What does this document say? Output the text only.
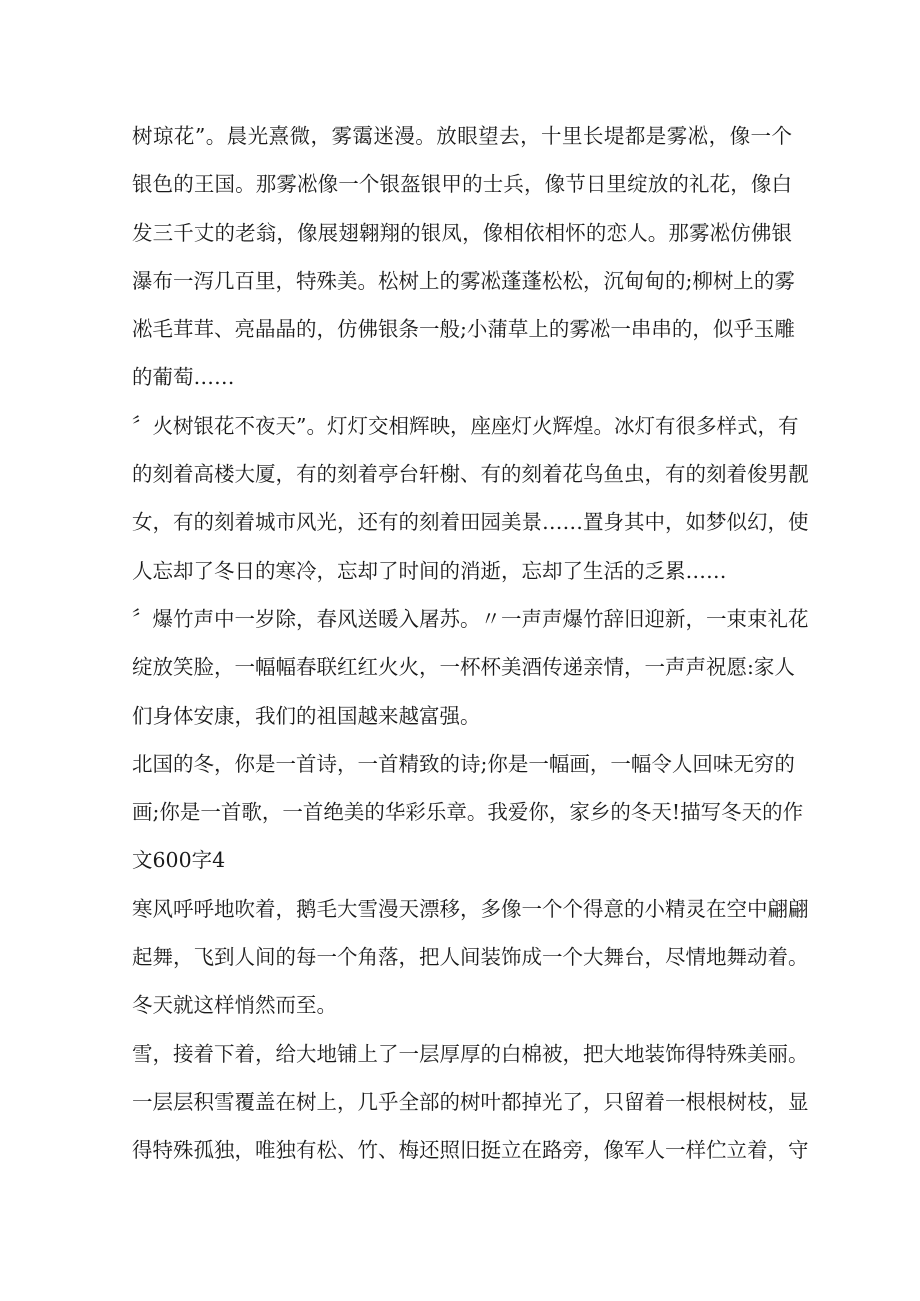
树琼花”。晨光熹微，雾霭迷漫。放眼望去，十里长堤都是雾凇，像一个
银色的王国。那雾凇像一个银盔银甲的士兵，像节日里绽放的礼花，像白
发三千丈的老翁，像展翅翱翔的银凤，像相依相怀的恋人。那雾凇仿佛银
瀑布一泻几百里，特殊美。松树上的雾凇蓬蓬松松，沉甸甸的;柳树上的雾
凇毛茸茸、亮晶晶的，仿佛银条一般;小蒲草上的雾凇一串串的，似乎玉雕
的葡萄……
〞火树银花不夜天”。灯灯交相辉映，座座灯火辉煌。冰灯有很多样式，有
的刻着高楼大厦，有的刻着亭台轩榭、有的刻着花鸟鱼虫，有的刻着俊男靓
女，有的刻着城市风光，还有的刻着田园美景……置身其中，如梦似幻，使
人忘却了冬日的寒冷，忘却了时间的消逝，忘却了生活的乏累……
〞爆竹声中一岁除，春风送暖入屠苏。〃一声声爆竹辞旧迎新，一束束礼花
绽放笑脸，一幅幅春联红红火火，一杯杯美酒传递亲情，一声声祝愿:家人
们身体安康，我们的祖国越来越富强。
北国的冬，你是一首诗，一首精致的诗;你是一幅画，一幅令人回味无穷的
画;你是一首歌，一首绝美的华彩乐章。我爱你，家乡的冬天!描写冬天的作
文600字4
寒风呼呼地吹着，鹅毛大雪漫天漂移，多像一个个得意的小精灵在空中翩翩
起舞，飞到人间的每一个角落，把人间装饰成一个大舞台，尽情地舞动着。
冬天就这样悄然而至。
雪，接着下着，给大地铺上了一层厚厚的白棉被，把大地装饰得特殊美丽。
一层层积雪覆盖在树上，几乎全部的树叶都掉光了，只留着一根根树枝，显
得特殊孤独，唯独有松、竹、梅还照旧挺立在路旁，像军人一样伫立着，守
